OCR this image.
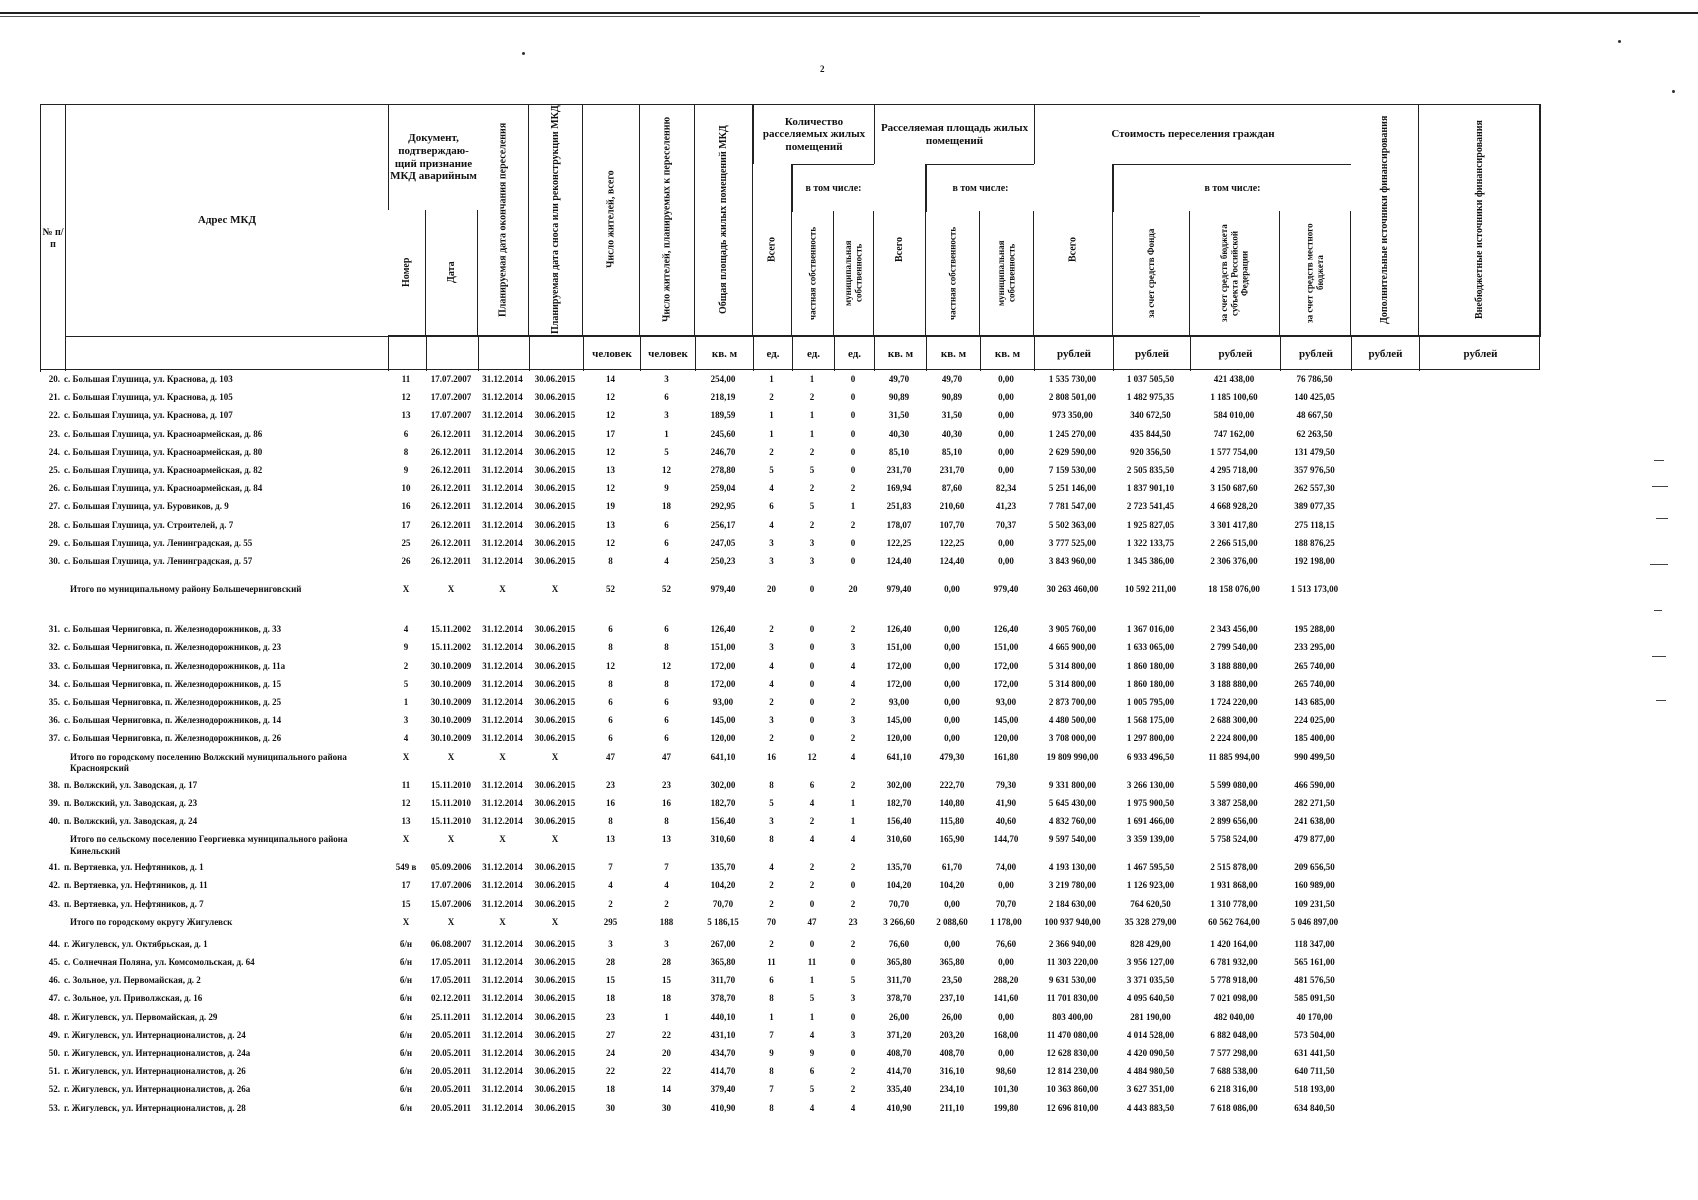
2
№ п/п
Адрес МКД
Документ, подтверждаю-щий признание МКД аварийным
Номер	Дата	Планируемая дата окончания переселения	Планируемая дата сноса или реконструкции МКД	Число жителей, всего	Число жителей, планируемых к переселению	Общая площадь жилых помещений МКД
Количество расселяемых жилых помещений
Всего
в том числе:
частная собственность	муниципальная собственность
Расселяемая площадь жилых помещений
Всего
в том числе:
частная собственность	муниципальная собственность
Стоимость переселения граждан
Всего
в том числе:
за счет средств Фонда	за счет средств бюджета субъекта Российской Федерации	за счет средств местного бюджета	Дополнительные источники финансирования	Внебюджетные источники финансирования
человек	человек	кв. м	ед.	ед.	ед.	кв. м	кв. м	кв. м	рублей	рублей	рублей	рублей	рублей	рублей
20. с. Большая Глушица, ул. Краснова, д. 103	11	17.07.2007	31.12.2014	30.06.2015	14	3	254,00	1	1	0	49,70	49,70	0,00	1 535 730,00	1 037 505,50	421 438,00	76 786,50
21. с. Большая Глушица, ул. Краснова, д. 105	12	17.07.2007	31.12.2014	30.06.2015	12	6	218,19	2	2	0	90,89	90,89	0,00	2 808 501,00	1 482 975,35	1 185 100,60	140 425,05
22. с. Большая Глушица, ул. Краснова, д. 107	13	17.07.2007	31.12.2014	30.06.2015	12	3	189,59	1	1	0	31,50	31,50	0,00	973 350,00	340 672,50	584 010,00	48 667,50
23. с. Большая Глушица, ул. Красноармейская, д. 86	6	26.12.2011	31.12.2014	30.06.2015	17	1	245,60	1	1	0	40,30	40,30	0,00	1 245 270,00	435 844,50	747 162,00	62 263,50
24. с. Большая Глушица, ул. Красноармейская, д. 80	8	26.12.2011	31.12.2014	30.06.2015	12	5	246,70	2	2	0	85,10	85,10	0,00	2 629 590,00	920 356,50	1 577 754,00	131 479,50
25. с. Большая Глушица, ул. Красноармейская, д. 82	9	26.12.2011	31.12.2014	30.06.2015	13	12	278,80	5	5	0	231,70	231,70	0,00	7 159 530,00	2 505 835,50	4 295 718,00	357 976,50
26. с. Большая Глушица, ул. Красноармейская, д. 84	10	26.12.2011	31.12.2014	30.06.2015	12	9	259,04	4	2	2	169,94	87,60	82,34	5 251 146,00	1 837 901,10	3 150 687,60	262 557,30
27. с. Большая Глушица, ул. Буровиков, д. 9	16	26.12.2011	31.12.2014	30.06.2015	19	18	292,95	6	5	1	251,83	210,60	41,23	7 781 547,00	2 723 541,45	4 668 928,20	389 077,35
28. с. Большая Глушица, ул. Строителей, д. 7	17	26.12.2011	31.12.2014	30.06.2015	13	6	256,17	4	2	2	178,07	107,70	70,37	5 502 363,00	1 925 827,05	3 301 417,80	275 118,15
29. с. Большая Глушица, ул. Ленинградская, д. 55	25	26.12.2011	31.12.2014	30.06.2015	12	6	247,05	3	3	0	122,25	122,25	0,00	3 777 525,00	1 322 133,75	2 266 515,00	188 876,25
30. с. Большая Глушица, ул. Ленинградская, д. 57	26	26.12.2011	31.12.2014	30.06.2015	8	4	250,23	3	3	0	124,40	124,40	0,00	3 843 960,00	1 345 386,00	2 306 376,00	192 198,00
Итого по муниципальному району Большечерниговский	X	X	X	X	52	52	979,40	20	0	20	979,40	0,00	979,40	30 263 460,00	10 592 211,00	18 158 076,00	1 513 173,00
31. с. Большая Черниговка, п. Железнодорожников, д. 33	4	15.11.2002	31.12.2014	30.06.2015	6	6	126,40	2	0	2	126,40	0,00	126,40	3 905 760,00	1 367 016,00	2 343 456,00	195 288,00
32. с. Большая Черниговка, п. Железнодорожников, д. 23	9	15.11.2002	31.12.2014	30.06.2015	8	8	151,00	3	0	3	151,00	0,00	151,00	4 665 900,00	1 633 065,00	2 799 540,00	233 295,00
33. с. Большая Черниговка, п. Железнодорожников, д. 11а	2	30.10.2009	31.12.2014	30.06.2015	12	12	172,00	4	0	4	172,00	0,00	172,00	5 314 800,00	1 860 180,00	3 188 880,00	265 740,00
34. с. Большая Черниговка, п. Железнодорожников, д. 15	5	30.10.2009	31.12.2014	30.06.2015	8	8	172,00	4	0	4	172,00	0,00	172,00	5 314 800,00	1 860 180,00	3 188 880,00	265 740,00
35. с. Большая Черниговка, п. Железнодорожников, д. 25	1	30.10.2009	31.12.2014	30.06.2015	6	6	93,00	2	0	2	93,00	0,00	93,00	2 873 700,00	1 005 795,00	1 724 220,00	143 685,00
36. с. Большая Черниговка, п. Железнодорожников, д. 14	3	30.10.2009	31.12.2014	30.06.2015	6	6	145,00	3	0	3	145,00	0,00	145,00	4 480 500,00	1 568 175,00	2 688 300,00	224 025,00
37. с. Большая Черниговка, п. Железнодорожников, д. 26	4	30.10.2009	31.12.2014	30.06.2015	6	6	120,00	2	0	2	120,00	0,00	120,00	3 708 000,00	1 297 800,00	2 224 800,00	185 400,00
Итого по городскому поселению Волжский муниципального района Красноярский
X	X	X	X	47	47	641,10	16	12	4	641,10	479,30	161,80	19 809 990,00	6 933 496,50	11 885 994,00	990 499,50
38. п. Волжский, ул. Заводская, д. 17	11	15.11.2010	31.12.2014	30.06.2015	23	23	302,00	8	6	2	302,00	222,70	79,30	9 331 800,00	3 266 130,00	5 599 080,00	466 590,00
39. п. Волжский, ул. Заводская, д. 23	12	15.11.2010	31.12.2014	30.06.2015	16	16	182,70	5	4	1	182,70	140,80	41,90	5 645 430,00	1 975 900,50	3 387 258,00	282 271,50
40. п. Волжский, ул. Заводская, д. 24	13	15.11.2010	31.12.2014	30.06.2015	8	8	156,40	3	2	1	156,40	115,80	40,60	4 832 760,00	1 691 466,00	2 899 656,00	241 638,00
Итого по сельскому поселению Георгиевка муниципального района Кинельский
X	X	X	X	13	13	310,60	8	4	4	310,60	165,90	144,70	9 597 540,00	3 359 139,00	5 758 524,00	479 877,00
41. п. Вертяевка, ул. Нефтяников, д. 1	549 в	05.09.2006	31.12.2014	30.06.2015	7	7	135,70	4	2	2	135,70	61,70	74,00	4 193 130,00	1 467 595,50	2 515 878,00	209 656,50
42. п. Вертяевка, ул. Нефтяников, д. 11	17	17.07.2006	31.12.2014	30.06.2015	4	4	104,20	2	2	0	104,20	104,20	0,00	3 219 780,00	1 126 923,00	1 931 868,00	160 989,00
43. п. Вертяевка, ул. Нефтяников, д. 7	15	15.07.2006	31.12.2014	30.06.2015	2	2	70,70	2	0	2	70,70	0,00	70,70	2 184 630,00	764 620,50	1 310 778,00	109 231,50
Итого по городскому округу Жигулевск	X	X	X	X	295	188	5 186,15	70	47	23	3 266,60	2 088,60	1 178,00	100 937 940,00	35 328 279,00	60 562 764,00	5 046 897,00
44. г. Жигулевск, ул. Октябрьская, д. 1	б/н	06.08.2007	31.12.2014	30.06.2015	3	3	267,00	2	0	2	76,60	0,00	76,60	2 366 940,00	828 429,00	1 420 164,00	118 347,00
45. с. Солнечная Поляна, ул. Комсомольская, д. 64	б/н	17.05.2011	31.12.2014	30.06.2015	28	28	365,80	11	11	0	365,80	365,80	0,00	11 303 220,00	3 956 127,00	6 781 932,00	565 161,00
46. с. Зольное, ул. Первомайская, д. 2	б/н	17.05.2011	31.12.2014	30.06.2015	15	15	311,70	6	1	5	311,70	23,50	288,20	9 631 530,00	3 371 035,50	5 778 918,00	481 576,50
47. с. Зольное, ул. Приволжская, д. 16	б/н	02.12.2011	31.12.2014	30.06.2015	18	18	378,70	8	5	3	378,70	237,10	141,60	11 701 830,00	4 095 640,50	7 021 098,00	585 091,50
48. г. Жигулевск, ул. Первомайская, д. 29	б/н	25.11.2011	31.12.2014	30.06.2015	23	1	440,10	1	1	0	26,00	26,00	0,00	803 400,00	281 190,00	482 040,00	40 170,00
49. г. Жигулевск, ул. Интернационалистов, д. 24	б/н	20.05.2011	31.12.2014	30.06.2015	27	22	431,10	7	4	3	371,20	203,20	168,00	11 470 080,00	4 014 528,00	6 882 048,00	573 504,00
50. г. Жигулевск, ул. Интернационалистов, д. 24а	б/н	20.05.2011	31.12.2014	30.06.2015	24	20	434,70	9	9	0	408,70	408,70	0,00	12 628 830,00	4 420 090,50	7 577 298,00	631 441,50
51. г. Жигулевск, ул. Интернационалистов, д. 26	б/н	20.05.2011	31.12.2014	30.06.2015	22	22	414,70	8	6	2	414,70	316,10	98,60	12 814 230,00	4 484 980,50	7 688 538,00	640 711,50
52. г. Жигулевск, ул. Интернационалистов, д. 26а	б/н	20.05.2011	31.12.2014	30.06.2015	18	14	379,40	7	5	2	335,40	234,10	101,30	10 363 860,00	3 627 351,00	6 218 316,00	518 193,00
53. г. Жигулевск, ул. Интернационалистов, д. 28	б/н	20.05.2011	31.12.2014	30.06.2015	30	30	410,90	8	4	4	410,90	211,10	199,80	12 696 810,00	4 443 883,50	7 618 086,00	634 840,50
